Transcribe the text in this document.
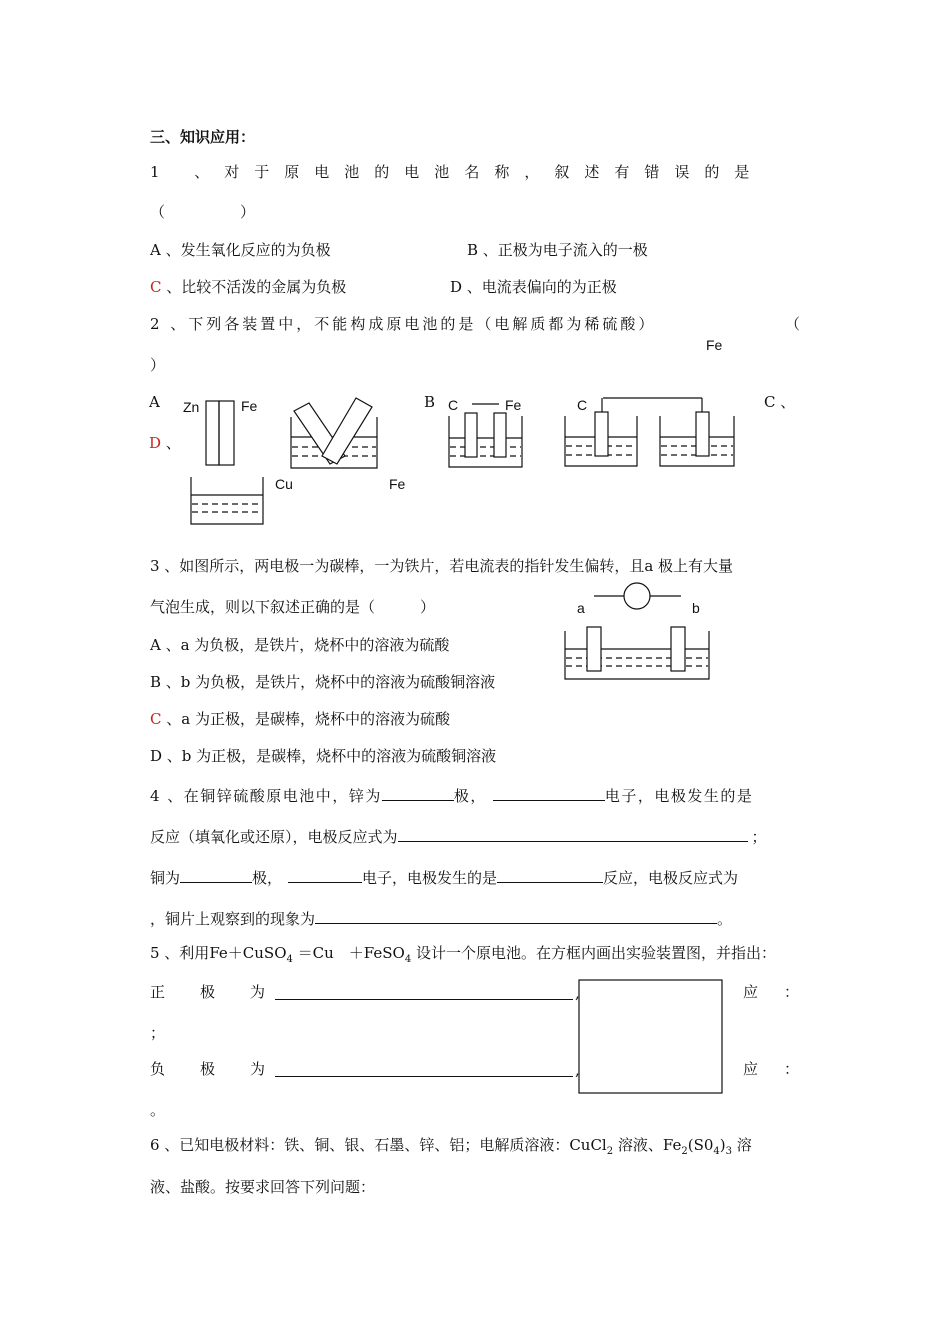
三、知识应用：
1 、对于原电池的电池名称，叙述有错误的是
（　　　　　）
A 、发生氧化反应的为负极	B 、正极为电子流入的一极
C 、比较不活泼的金属为负极	D 、电流表偏向的为正极
2 、下列各装置中，不能构成原电池的是（电解质都为稀硫酸）	（
）
Fe
A Zn	Fe	B C	Fe	C	C 、
D 、
Cu	Fe
3 、如图所示，两电极一为碳棒，一为铁片，若电流表的指针发生偏转，且a 极上有大量
气泡生成，则以下叙述正确的是（　　　）	a	b
A 、a 为负极，是铁片，烧杯中的溶液为硫酸
B 、b 为负极，是铁片，烧杯中的溶液为硫酸铜溶液
C 、a 为正极，是碳棒，烧杯中的溶液为硫酸
D 、b 为正极，是碳棒，烧杯中的溶液为硫酸铜溶液
4 、在铜锌硫酸原电池中，锌为	极，	电子，电极发生的是
反应（填氧化或还原），电极反应式为	；
铜为	极，	电子，电极发生的是	反应，电极反应式为
，铜片上观察到的现象为	。
5 、利用Fe＋CuSO$_4$ ＝Cu　＋FeSO$_4$ 设计一个原电池。在方框内画出实验装置图，并指出：
正　极　为	,	应 ：
；
负　极　为	,	应 ：
。
6 、已知电极材料：铁、铜、银、石墨、锌、铝；电解质溶液：CuCl$_2$ 溶液、$Fe_2(S0_4)_3$ 溶
液、盐酸。按要求回答下列问题：
